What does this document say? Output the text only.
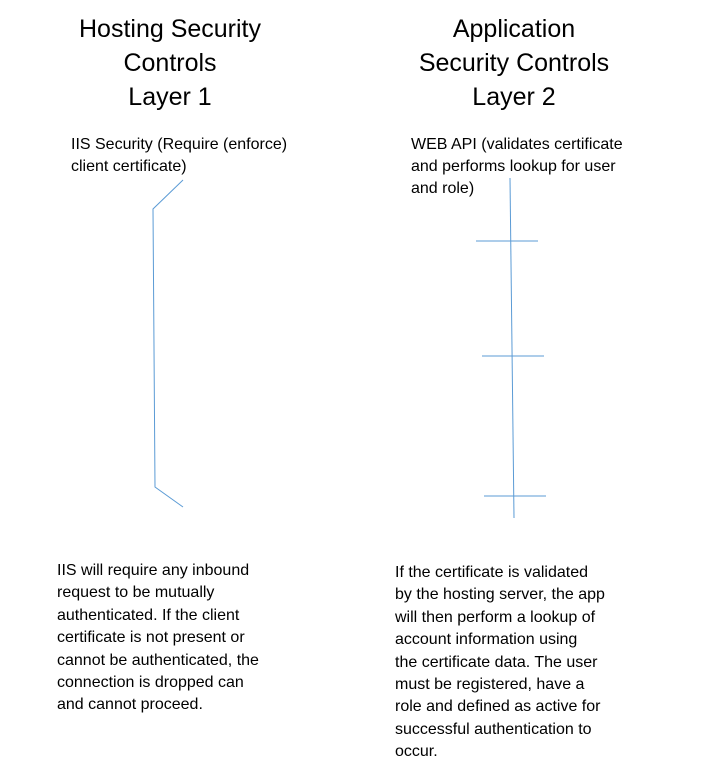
Hosting Security
Controls
Layer 1
Application
Security Controls
Layer 2
IIS Security (Require (enforce)
client certificate)
WEB API (validates certificate
and performs lookup for user
and role)
IIS will require any inbound
request to be mutually
authenticated. If the client
certificate is not present or
cannot be authenticated, the
connection is dropped can
and cannot proceed.
If the certificate is validated
by the hosting server, the app
will then perform a lookup of
account information using
the certificate data. The user
must be registered, have a
role and defined as active for
successful authentication to
occur.
